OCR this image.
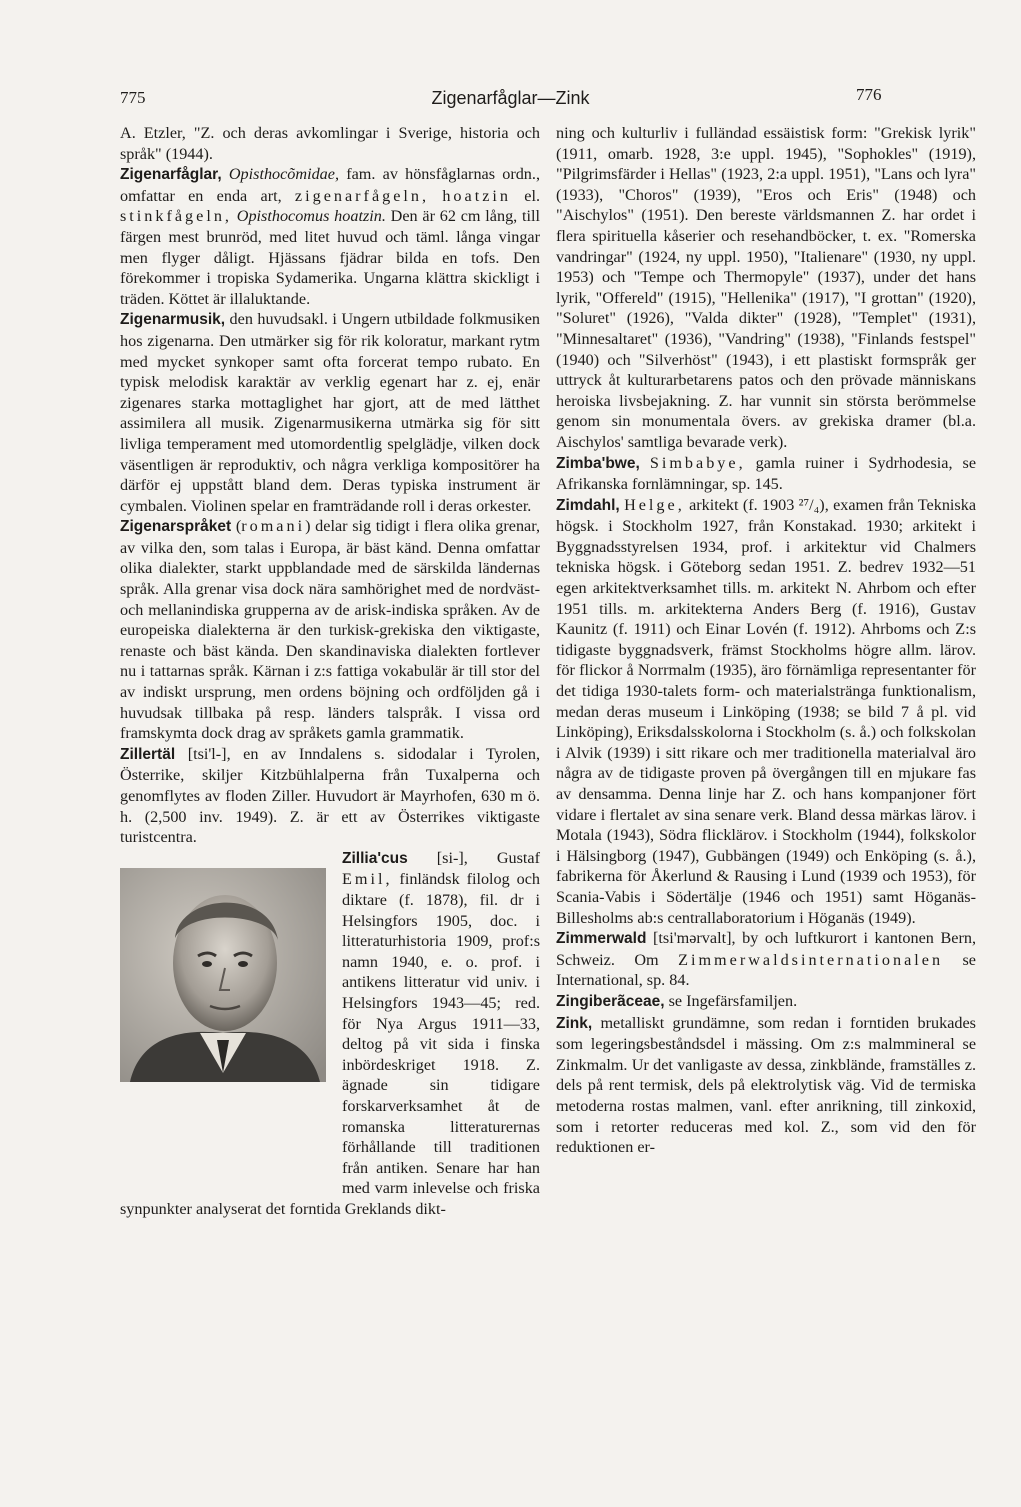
775	Zigenarfåglar—Zink	776

A. Etzler, "Z. och deras avkomlingar i Sverige, historia och språk" (1944).

Zigenarfåglar, Opisthocõmidae, fam. av hönsfåglarnas ordn., omfattar en enda art, zigenarfågeln, hoatzin el. stinkfågeln, Opisthocomus hoatzin. Den är 62 cm lång, till färgen mest brunröd, med litet huvud och täml. långa vingar men flyger dåligt. Hjässans fjädrar bilda en tofs. Den förekommer i tropiska Sydamerika. Ungarna klättra skickligt i träden. Köttet är illaluktande.

Zigenarmusik, den huvudsakl. i Ungern utbildade folkmusiken hos zigenarna. Den utmärker sig för rik koloratur, markant rytm med mycket synkoper samt ofta forcerat tempo rubato. En typisk melodisk karaktär av verklig egenart har z. ej, enär zigenares starka mottaglighet har gjort, att de med lätthet assimilera all musik. Zigenarmusikerna utmärka sig för sitt livliga temperament med utomordentlig spelglädje, vilken dock väsentligen är reproduktiv, och några verkliga kompositörer ha därför ej uppstått bland dem. Deras typiska instrument är cymbalen. Violinen spelar en framträdande roll i deras orkester.

Zigenarspråket (romani) delar sig tidigt i flera olika grenar, av vilka den, som talas i Europa, är bäst känd. Denna omfattar olika dialekter, starkt uppblandade med de särskilda ländernas språk. Alla grenar visa dock nära samhörighet med de nordväst- och mellanindiska grupperna av de arisk-indiska språken. Av de europeiska dialekterna är den turkisk-grekiska den viktigaste, renaste och bäst kända. Den skandinaviska dialekten fortlever nu i tattarnas språk. Kärnan i z:s fattiga vokabulär är till stor del av indiskt ursprung, men ordens böjning och ordföljden gå i huvudsak tillbaka på resp. länders talspråk. I vissa ord framskymta dock drag av språkets gamla grammatik.

Zillertäl [tsi'l-], en av Inndalens s. sidodalar i Tyrolen, Österrike, skiljer Kitzbühlalperna från Tuxalperna och genomflytes av floden Ziller. Huvudort är Mayrhofen, 630 m ö. h. (2,500 inv. 1949). Z. är ett av Österrikes viktigaste turistcentra.

Zillia'cus [si-], Gustaf Emil, finländsk filolog och diktare (f. 1878), fil. dr i Helsingfors 1905, doc. i litteraturhistoria 1909, prof:s namn 1940, e. o. prof. i antikens litteratur vid univ. i Helsingfors 1943—45; red. för Nya Argus 1911—33, deltog på vit sida i finska inbördeskriget 1918. Z. ägnade sin tidigare forskarverksamhet åt de romanska litteraturernas förhållande till traditionen från antiken. Senare har han med varm inlevelse och friska synpunkter analyserat det forntida Greklands dikt-

ning och kulturliv i fulländad essäistisk form: "Grekisk lyrik" (1911, omarb. 1928, 3:e uppl. 1945), "Sophokles" (1919), "Pilgrimsfärder i Hellas" (1923, 2:a uppl. 1951), "Lans och lyra" (1933), "Choros" (1939), "Eros och Eris" (1948) och "Aischylos" (1951). Den bereste världsmannen Z. har ordet i flera spirituella kåserier och resehandböcker, t. ex. "Romerska vandringar" (1924, ny uppl. 1950), "Italienare" (1930, ny uppl. 1953) och "Tempe och Thermopyle" (1937), under det hans lyrik, "Offereld" (1915), "Hellenika" (1917), "I grottan" (1920), "Soluret" (1926), "Valda dikter" (1928), "Templet" (1931), "Minnesaltaret" (1936), "Vandring" (1938), "Finlands festspel" (1940) och "Silverhöst" (1943), i ett plastiskt formspråk ger uttryck åt kulturarbetarens patos och den prövade människans heroiska livsbejakning. Z. har vunnit sin största berömmelse genom sin monumentala övers. av grekiska dramer (bl.a. Aischylos' samtliga bevarade verk).

Zimba'bwe, Simbabye, gamla ruiner i Sydrhodesia, se Afrikanska fornlämningar, sp. 145.

Zimdahl, Helge, arkitekt (f. 1903 ²⁷/₄), examen från Tekniska högsk. i Stockholm 1927, från Konstakad. 1930; arkitekt i Byggnadsstyrelsen 1934, prof. i arkitektur vid Chalmers tekniska högsk. i Göteborg sedan 1951. Z. bedrev 1932—51 egen arkitektverksamhet tills. m. arkitekt N. Ahrbom och efter 1951 tills. m. arkitekterna Anders Berg (f. 1916), Gustav Kaunitz (f. 1911) och Einar Lovén (f. 1912). Ahrboms och Z:s tidigaste byggnadsverk, främst Stockholms högre allm. lärov. för flickor å Norrmalm (1935), äro förnämliga representanter för det tidiga 1930-talets form- och materialstränga funktionalism, medan deras museum i Linköping (1938; se bild 7 å pl. vid Linköping), Eriksdalsskolorna i Stockholm (s. å.) och folkskolan i Alvik (1939) i sitt rikare och mer traditionella materialval äro några av de tidigaste proven på övergången till en mjukare fas av densamma. Denna linje har Z. och hans kompanjoner fört vidare i flertalet av sina senare verk. Bland dessa märkas lärov. i Motala (1943), Södra flicklärov. i Stockholm (1944), folkskolor i Hälsingborg (1947), Gubbängen (1949) och Enköping (s. å.), fabrikerna för Åkerlund & Rausing i Lund (1939 och 1953), för Scania-Vabis i Södertälje (1946 och 1951) samt Höganäs-Billesholms ab:s centrallaboratorium i Höganäs (1949).

Zimmerwald [tsi'mərvalt], by och luftkurort i kantonen Bern, Schweiz. Om Zimmerwaldsinternationalen se International, sp. 84.

Zingiberãceae, se Ingefärsfamiljen.

Zink, metalliskt grundämne, som redan i forntiden brukades som legeringsbeståndsdel i mässing. Om z:s malmmineral se Zinkmalm. Ur det vanligaste av dessa, zinkblände, framställes z. dels på rent termisk, dels på elektrolytisk väg. Vid de termiska metoderna rostas malmen, vanl. efter anrikning, till zinkoxid, som i retorter reduceras med kol. Z., som vid den för reduktionen er-
